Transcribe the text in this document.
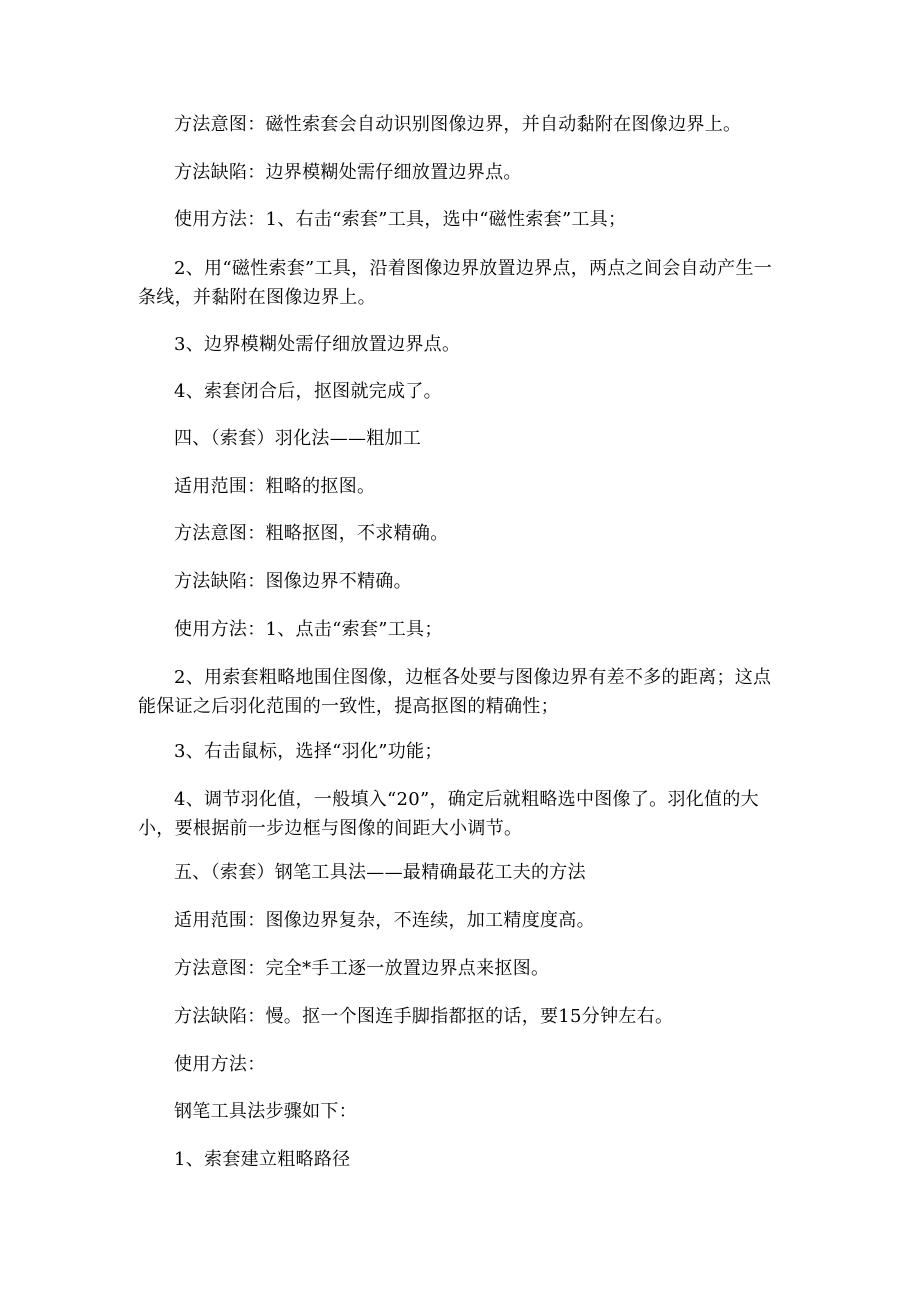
方法意图：磁性索套会自动识别图像边界，并自动黏附在图像边界上。

方法缺陷：边界模糊处需仔细放置边界点。

使用方法：1、右击“索套”工具，选中“磁性索套”工具；

2、用“磁性索套”工具，沿着图像边界放置边界点，两点之间会自动产生一条线，并黏附在图像边界上。

3、边界模糊处需仔细放置边界点。

4、索套闭合后，抠图就完成了。

四、（索套）羽化法——粗加工

适用范围：粗略的抠图。

方法意图：粗略抠图，不求精确。

方法缺陷：图像边界不精确。

使用方法：1、点击“索套”工具；

2、用索套粗略地围住图像，边框各处要与图像边界有差不多的距离；这点能保证之后羽化范围的一致性，提高抠图的精确性；

3、右击鼠标，选择“羽化”功能；

4、调节羽化值，一般填入“20”，确定后就粗略选中图像了。羽化值的大小，要根据前一步边框与图像的间距大小调节。

五、（索套）钢笔工具法——最精确最花工夫的方法

适用范围：图像边界复杂，不连续，加工精度度高。

方法意图：完全*手工逐一放置边界点来抠图。

方法缺陷：慢。抠一个图连手脚指都抠的话，要15分钟左右。

使用方法：

钢笔工具法步骤如下：

1、索套建立粗略路径
